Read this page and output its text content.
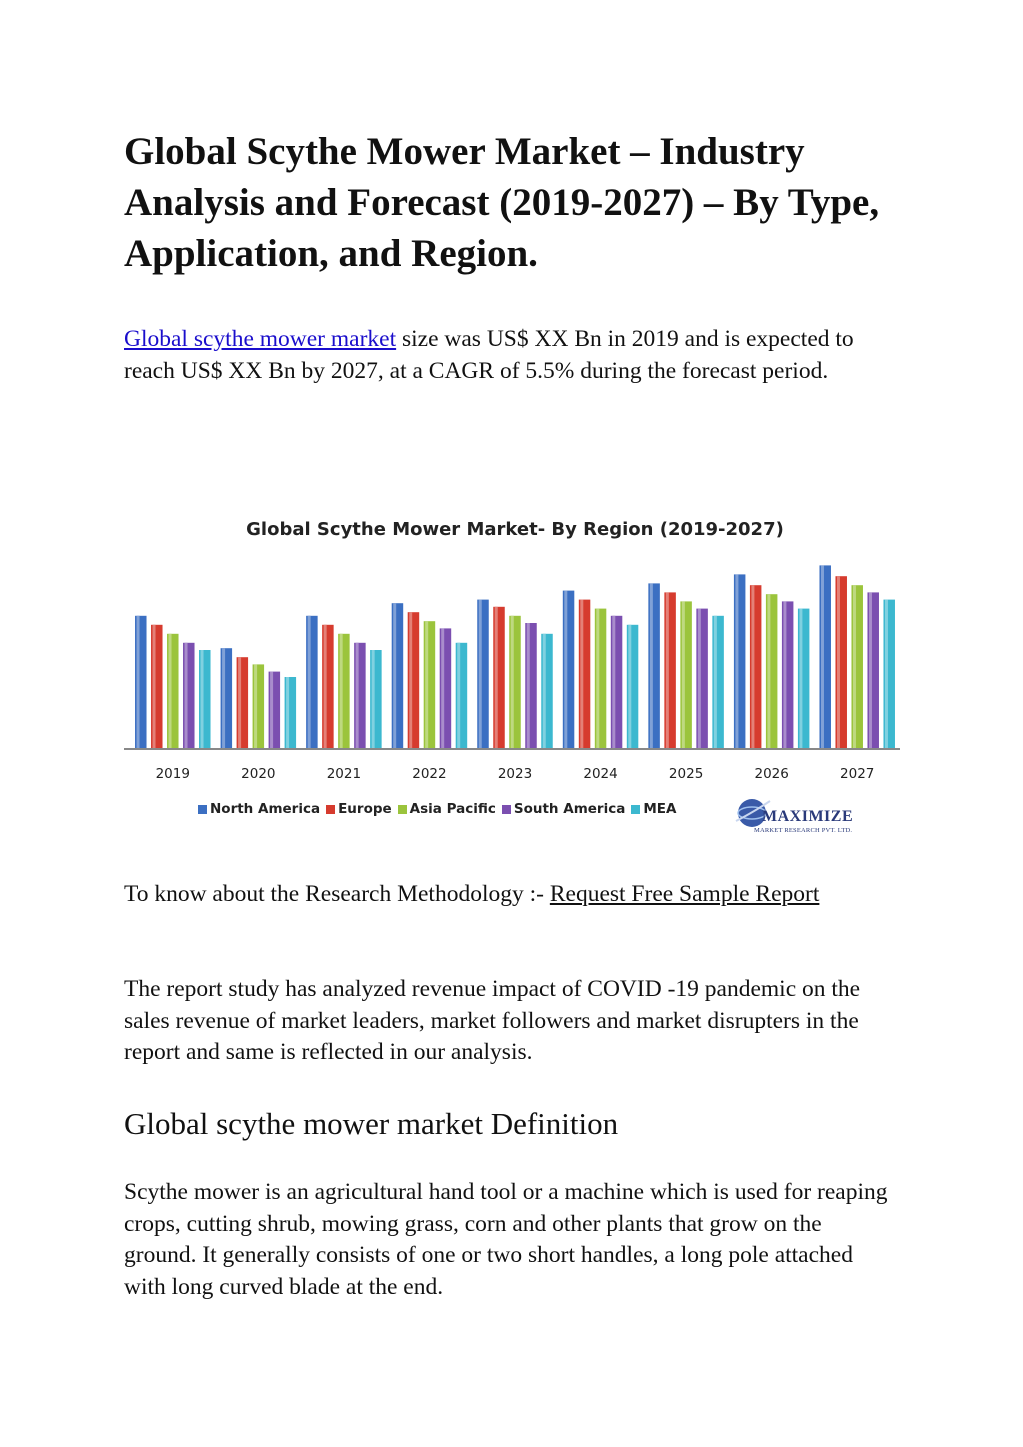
Global Scythe Mower Market – Industry Analysis and Forecast (2019-2027) – By Type, Application, and Region.

Global scythe mower market size was US$ XX Bn in 2019 and is expected to reach US$ XX Bn by 2027, at a CAGR of 5.5% during the forecast period.

To know about the Research Methodology :- Request Free Sample Report

The report study has analyzed revenue impact of COVID -19 pandemic on the sales revenue of market leaders, market followers and market disrupters in the report and same is reflected in our analysis.

Global scythe mower market Definition

Scythe mower is an agricultural hand tool or a machine which is used for reaping crops, cutting shrub, mowing grass, corn and other plants that grow on the ground. It generally consists of one or two short handles, a long pole attached with long curved blade at the end.

Global Scythe Mower Market- By Region (2019-2027)
2019	2020	2021	2022	2023	2024	2025	2026	2027
North America Europe Asia Pacific South America MEA	MAXIMIZE
MARKET RESEARCH PVT. LTD.
